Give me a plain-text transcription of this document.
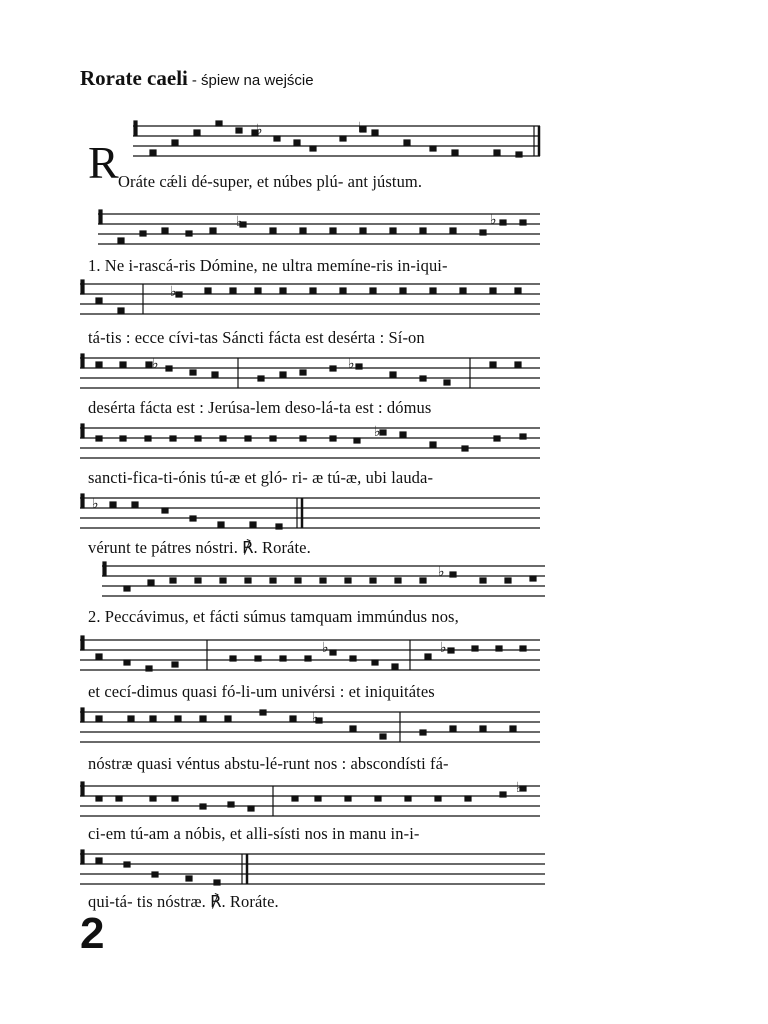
Rorate caeli - śpiew na wejście
♭	♭
♭	♭
♭
♭	♭
♭
♭
♭
♭	♭
♭
♭
R Oráte cǽli dé-super, et núbes plú- ant jústum.
1. Ne i-rascá-ris Dómine, ne ultra memíne-ris in-iqui-
tá-tis : ecce cívi-tas Sáncti fácta est desérta : Sí-on
desérta fácta est : Jerúsa-lem deso-lá-ta est : dómus
sancti-fica-ti-ónis tú-æ et gló- ri- æ tú-æ, ubi lauda-
vérunt te pátres nóstri. ℟. Roráte.
2. Peccávimus, et fácti súmus tamquam immúndus nos,
et cecí-dimus quasi fó-li-um univérsi : et iniquitátes
nóstræ quasi véntus abstu-lé-runt nos : abscondísti fá-
ci-em tú-am a nóbis, et alli-sísti nos in manu in-i-
qui-tá- tis nóstræ. ℟. Roráte.
2
